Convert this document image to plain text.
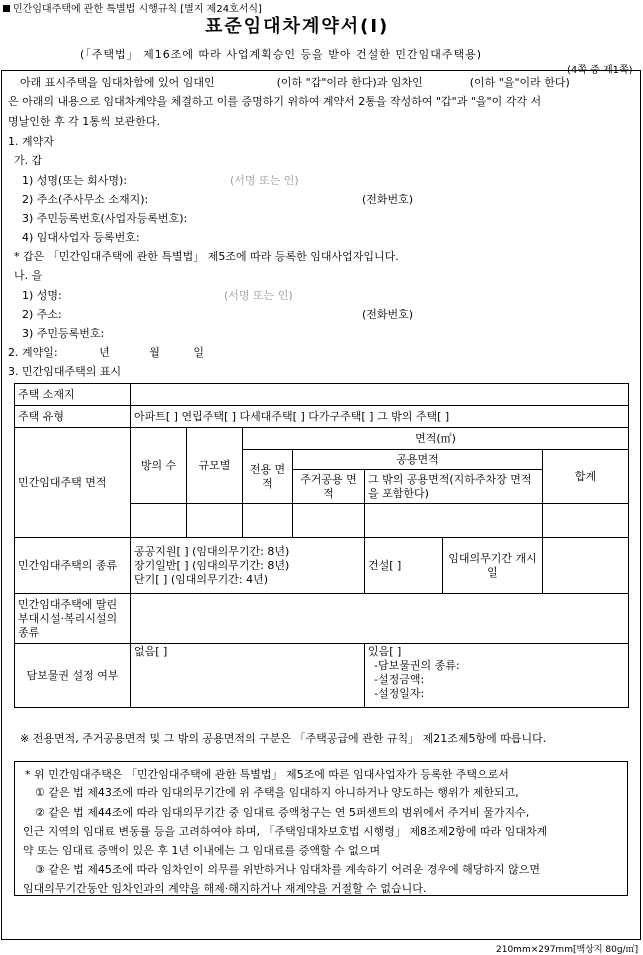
민간임대주택에 관한 특별법 시행규칙 [별지 제24호서식]
표준임대차계약서(Ⅰ)
(「주택법」 제16조에 따라 사업계획승인 등을 받아 건설한 민간임대주택용)
(4쪽 중 제1쪽)
아래 표시주택을 임대차함에 있어 임대인	(이하 "갑"이라 한다)과 임차인	(이하 "을"이라 한다)
은 아래의 내용으로 임대차계약을 체결하고 이를 증명하기 위하여 계약서 2통을 작성하여 "갑"과 "을"이 각각 서
명날인한 후 각 1통씩 보관한다.
1. 계약자
가. 갑
1) 성명(또는 회사명):	(서명 또는 인)
2) 주소(주사무소 소재지):	(전화번호)
3) 주민등록번호(사업자등록번호):
4) 임대사업자 등록번호:
* 갑은 「민간임대주택에 관한 특별법」 제5조에 따라 등록한 임대사업자입니다.
나. 을
1) 성명:	(서명 또는 인)
2) 주소:	(전화번호)
3) 주민등록번호:
2. 계약일:	년	월	일
3. 민간임대주택의 표시
주택 소재지							
주택 유형	아파트[ ] 연립주택[ ] 다세대주택[ ] 다가구주택[ ] 그 밖의 주택[ ]						
민간임대주택 면적	방의 수	규모별	면적(㎡)				
			전용 면적	공용면적			합계
				주거공용 면적	그 밖의 공용면적(지하주차장 면적을 포함한다)		

민간임대주택의 종류	공공지원[ ] (임대의무기간: 8년)
장기일반[ ] (임대의무기간: 8년)
단기[ ] (임대의무기간: 4년)				건설[ ]	임대의무기간 개시일	
민간임대주택에 딸린 부대시설·복리시설의 종류							
담보물권 설정 여부	없음[ ]				있음[ ]
-담보물권의 종류:
-설정금액:
-설정일자:		
※ 전용면적, 주거공용면적 및 그 밖의 공용면적의 구분은 「주택공급에 관한 규칙」 제21조제5항에 따릅니다.
* 위 민간임대주택은 「민간임대주택에 관한 특별법」 제5조에 따른 임대사업자가 등록한 주택으로서
① 같은 법 제43조에 따라 임대의무기간에 위 주택을 임대하지 아니하거나 양도하는 행위가 제한되고,
② 같은 법 제44조에 따라 임대의무기간 중 임대료 증액청구는 연 5퍼센트의 범위에서 주거비 물가지수,
인근 지역의 임대료 변동률 등을 고려하여야 하며, 「주택임대차보호법 시행령」 제8조제2항에 따라 임대차계
약 또는 임대료 증액이 있은 후 1년 이내에는 그 임대료를 증액할 수 없으며
③ 같은 법 제45조에 따라 임차인이 의무를 위반하거나 임대차를 계속하기 어려운 경우에 해당하지 않으면
임대의무기간동안 임차인과의 계약을 해제·해지하거나 재계약을 거절할 수 없습니다.
210mm×297mm[백상지 80g/㎡]
